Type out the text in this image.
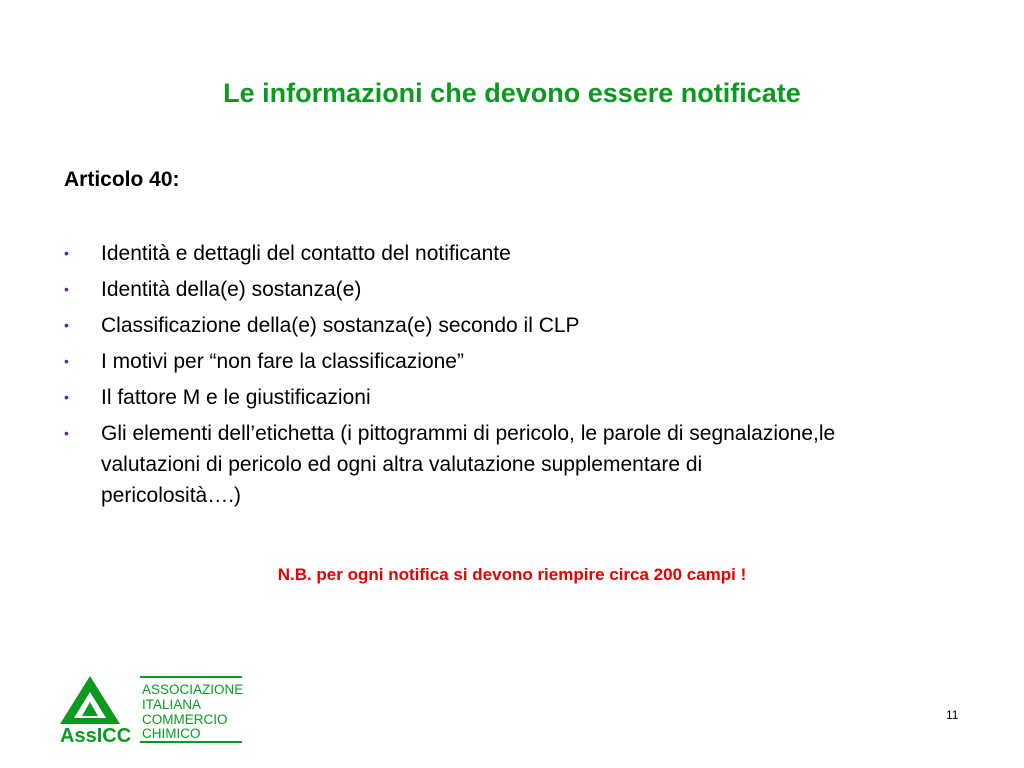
Le informazioni che devono essere notificate

Articolo 40:

• Identità e dettagli del contatto del notificante
• Identità della(e) sostanza(e)
• Classificazione della(e) sostanza(e) secondo il CLP
• I motivi per “non fare la classificazione”
• Il fattore M e le giustificazioni
• Gli elementi dell’etichetta (i pittogrammi di pericolo, le parole di segnalazione,le valutazioni di pericolo ed ogni altra valutazione supplementare di pericolosità….)

N.B. per ogni notifica si devono riempire circa 200 campi !

AssICC
ASSOCIAZIONE
ITALIANA
COMMERCIO
CHIMICO
11
